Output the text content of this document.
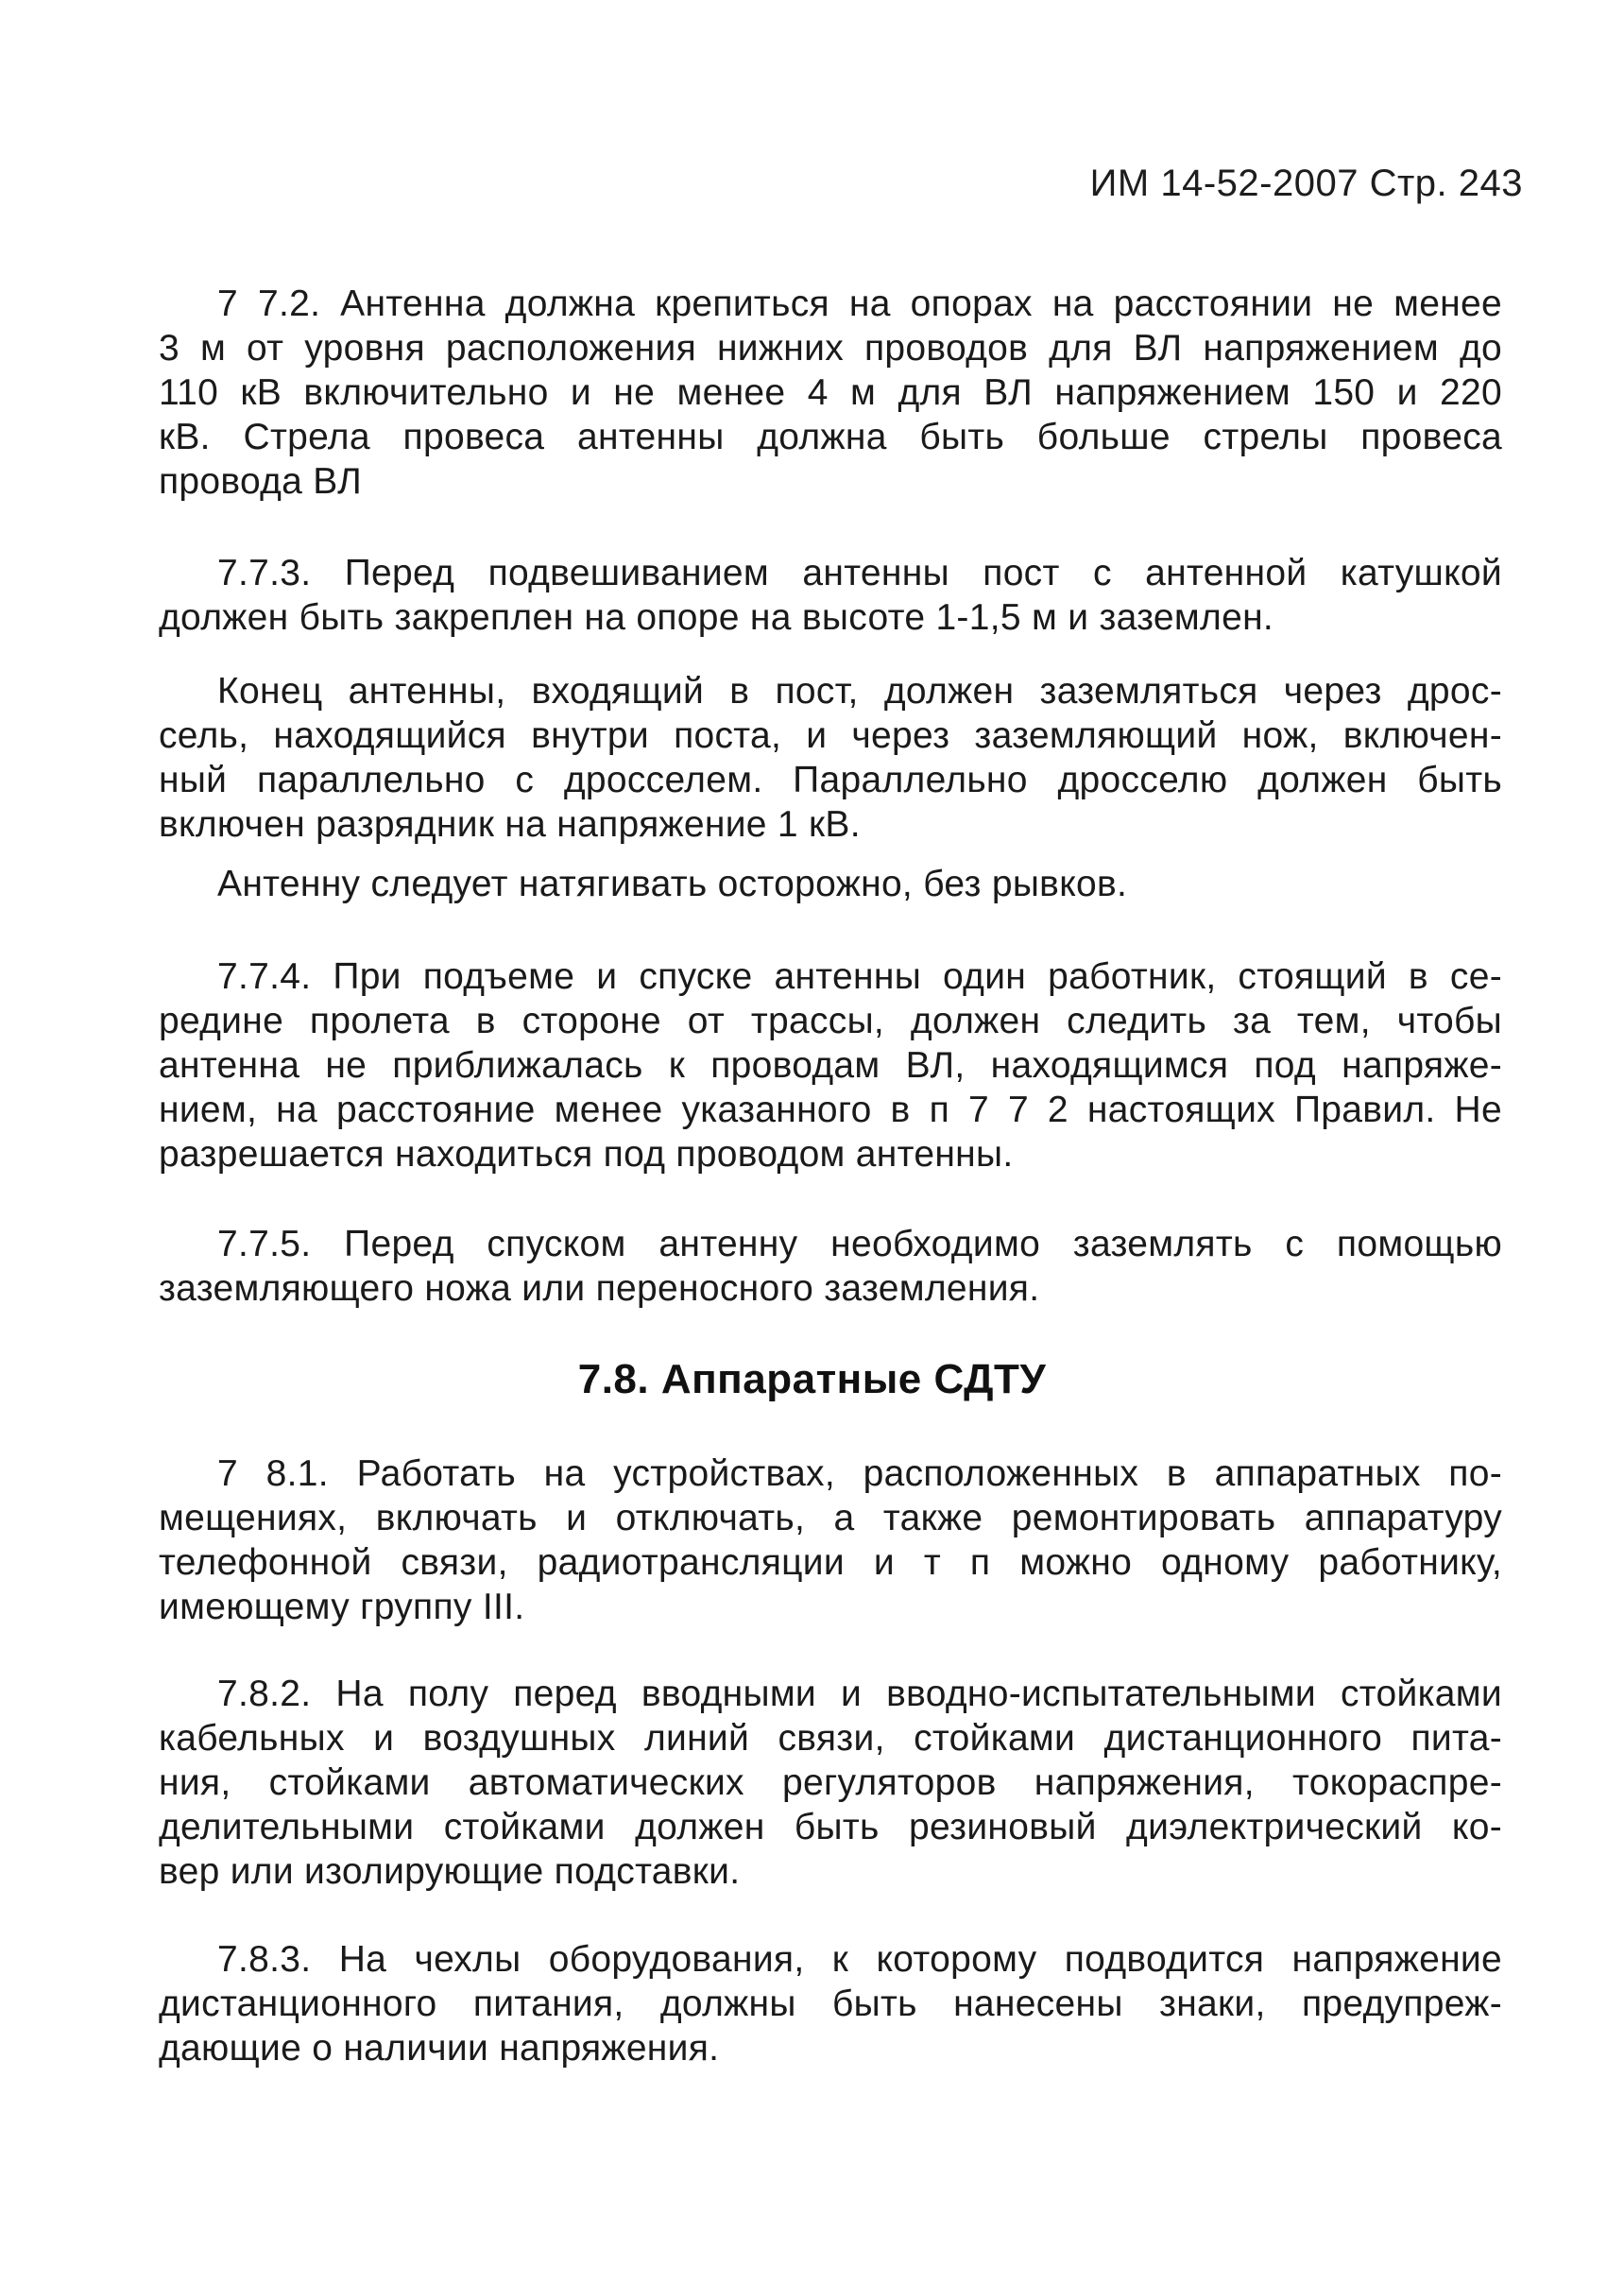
ИМ 14-52-2007 Стр. 243
7 7.2. Антенна должна крепиться на опорах на расстоянии не менее
3 м от уровня расположения нижних проводов для ВЛ напряжением до
110 кВ включительно и не менее 4 м для ВЛ напряжением 150 и 220
кВ. Стрела провеса антенны должна быть больше стрелы провеса
провода ВЛ
7.7.3. Перед подвешиванием антенны пост с антенной катушкой
должен быть закреплен на опоре на высоте 1-1,5 м и заземлен.
Конец антенны, входящий в пост, должен заземляться через дрос-
сель, находящийся внутри поста, и через заземляющий нож, включен-
ный параллельно с дросселем. Параллельно дросселю должен быть
включен разрядник на напряжение 1 кВ.
Антенну следует натягивать осторожно, без рывков.
7.7.4. При подъеме и спуске антенны один работник, стоящий в се-
редине пролета в стороне от трассы, должен следить за тем, чтобы
антенна не приближалась к проводам ВЛ, находящимся под напряже-
нием, на расстояние менее указанного в п 7 7 2 настоящих Правил. Не
разрешается находиться под проводом антенны.
7.7.5. Перед спуском антенну необходимо заземлять с помощью
заземляющего ножа или переносного заземления.
7.8. Аппаратные СДТУ
7 8.1. Работать на устройствах, расположенных в аппаратных по-
мещениях, включать и отключать, а также ремонтировать аппаратуру
телефонной связи, радиотрансляции и т п можно одному работнику,
имеющему группу III.
7.8.2. На полу перед вводными и вводно-испытательными стойками
кабельных и воздушных линий связи, стойками дистанционного пита-
ния, стойками автоматических регуляторов напряжения, токораспре-
делительными стойками должен быть резиновый диэлектрический ко-
вер или изолирующие подставки.
7.8.3. На чехлы оборудования, к которому подводится напряжение
дистанционного питания, должны быть нанесены знаки, предупреж-
дающие о наличии напряжения.
